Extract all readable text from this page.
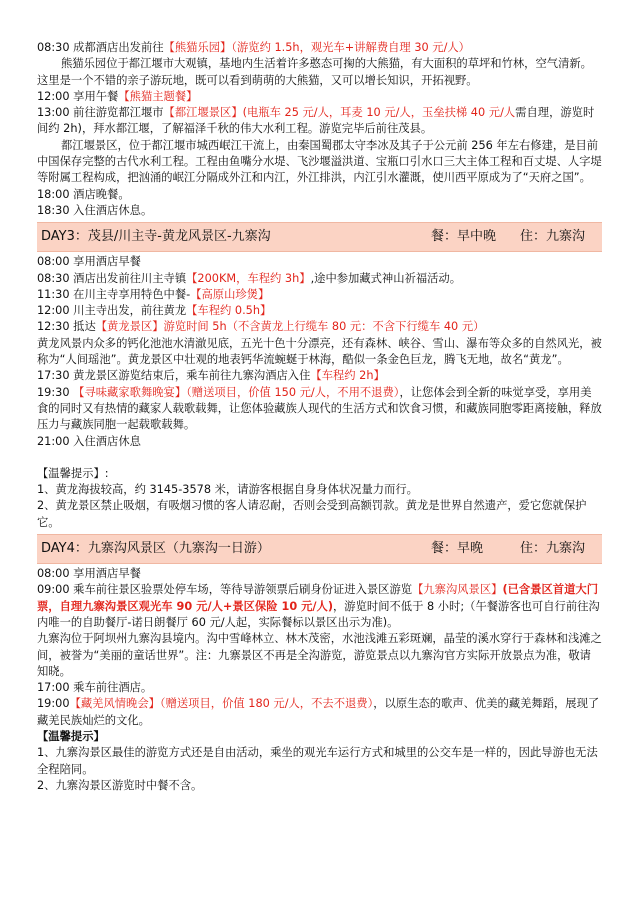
08:30 成都酒店出发前往【熊猫乐园】（游览约 1.5h，观光车+讲解费自理 30 元/人）
熊猫乐园位于都江堰市大观镇，基地内生活着许多憨态可掬的大熊猫，有大面积的草坪和竹林，空气清新。这里是一个不错的亲子游玩地，既可以看到萌萌的大熊猫，又可以增长知识，开拓视野。
12:00 享用午餐【熊猫主题餐】
13:00 前往游览都江堰市【都江堰景区】(电瓶车 25 元/人，耳麦 10 元/人，玉垒扶梯 40 元/人需自理，游览时间约 2h)，拜水都江堰，了解福泽千秋的伟大水利工程。游览完毕后前往茂县。
都江堰景区，位于都江堰市城西岷江干流上，由秦国蜀郡太守李冰及其子于公元前 256 年左右修建，是目前中国保存完整的古代水利工程。工程由鱼嘴分水堤、飞沙堰溢洪道、宝瓶口引水口三大主体工程和百丈堤、人字堤等附属工程构成，把汹涌的岷江分隔成外江和内江，外江排洪，内江引水灌溉，使川西平原成为了“天府之国”。
18:00 酒店晚餐。
18:30 入住酒店休息。
DAY3：茂县/川主寺-黄龙风景区-九寨沟	餐：早中晚 住：九寨沟
08:00 享用酒店早餐
08:30 酒店出发前往川主寺镇【200KM，车程约 3h】,途中参加藏式神山祈福活动。
11:30 在川主寺享用特色中餐-【高原山珍煲】
12:00 川主寺出发，前往黄龙【车程约 0.5h】
12:30 抵达【黄龙景区】游览时间 5h（不含黄龙上行缆车 80 元：不含下行缆车 40 元）
黄龙风景内众多的钙化池池水清澈见底，五光十色十分漂亮，还有森林、峡谷、雪山、瀑布等众多的自然风光，被称为“人间瑶池”。黄龙景区中壮观的地表钙华流蜿蜒于林海，酷似一条金色巨龙，腾飞无地，故名“黄龙”。
17:30 黄龙景区游览结束后，乘车前往九寨沟酒店入住【车程约 2h】
19:30 【寻味藏家歌舞晚宴】（赠送项目，价值 150 元/人，不用不退费），让您体会到全新的味觉享受，享用美食的同时又有热情的藏家人载歌载舞，让您体验藏族人现代的生活方式和饮食习惯，和藏族同胞零距离接触，释放压力与藏族同胞一起载歌载舞。
21:00 入住酒店休息
【温馨提示】:
1、黄龙海拔较高，约 3145-3578 米，请游客根据自身身体状况量力而行。
2、黄龙景区禁止吸烟，有吸烟习惯的客人请忍耐，否则会受到高额罚款。黄龙是世界自然遗产，爱它您就保护它。
DAY4：九寨沟风景区（九寨沟一日游）	餐：早晚	住：九寨沟
08:00 享用酒店早餐
09:00 乘车前往景区验票处停车场，等待导游领票后刷身份证进入景区游览【九寨沟风景区】(已含景区首道大门票，自理九寨沟景区观光车 90 元/人+景区保险 10 元/人)，游览时间不低于 8 小时;（午餐游客也可自行前往沟内唯一的自助餐厅-诺日朗餐厅 60 元/人起，实际餐标以景区出示为准)。
九寨沟位于阿坝州九寨沟县境内。沟中雪峰林立、林木茂密，水池浅滩五彩斑斓，晶莹的溪水穿行于森林和浅滩之间，被誉为“美丽的童话世界”。注：九寨景区不再是全沟游览，游览景点以九寨沟官方实际开放景点为准，敬请知晓。
17:00 乘车前往酒店。
19:00【藏羌风情晚会】（赠送项目，价值 180 元/人，不去不退费），以原生态的歌声、优美的藏羌舞蹈，展现了藏羌民族灿烂的文化。
【温馨提示】
1、九寨沟景区最佳的游览方式还是自由活动，乘坐的观光车运行方式和城里的公交车是一样的，因此导游也无法全程陪同。
2、九寨沟景区游览时中餐不含。
